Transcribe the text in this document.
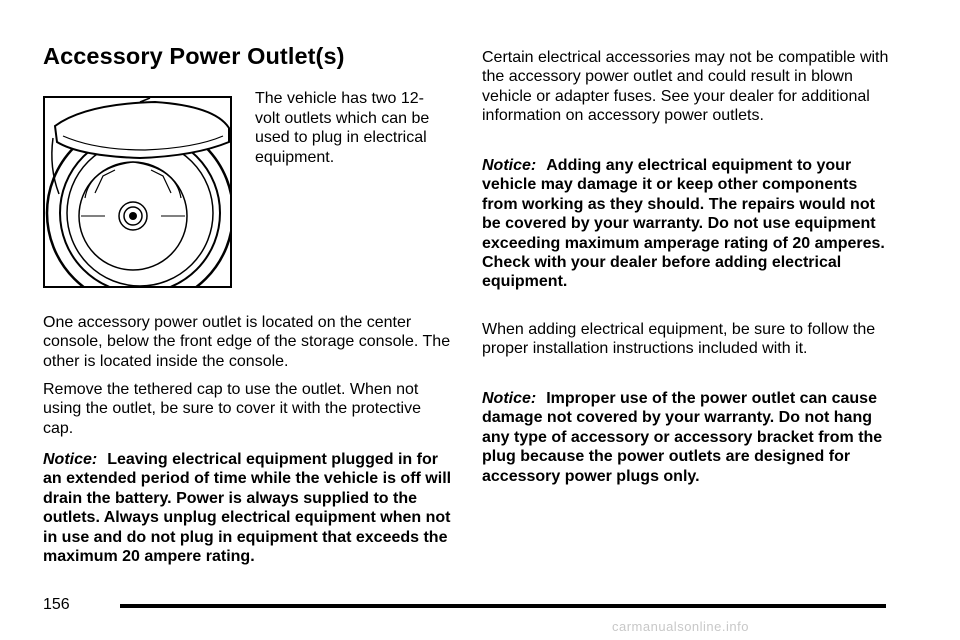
Accessory Power Outlet(s)
The vehicle has two 12-volt outlets which can be used to plug in electrical equipment.

One accessory power outlet is located on the center console, below the front edge of the storage console. The other is located inside the console.

Remove the tethered cap to use the outlet. When not using the outlet, be sure to cover it with the protective cap.

Notice: Leaving electrical equipment plugged in for an extended period of time while the vehicle is off will drain the battery. Power is always supplied to the outlets. Always unplug electrical equipment when not in use and do not plug in equipment that exceeds the maximum 20 ampere rating.

Certain electrical accessories may not be compatible with the accessory power outlet and could result in blown vehicle or adapter fuses. See your dealer for additional information on accessory power outlets.

Notice: Adding any electrical equipment to your vehicle may damage it or keep other components from working as they should. The repairs would not be covered by your warranty. Do not use equipment exceeding maximum amperage rating of 20 amperes. Check with your dealer before adding electrical equipment.

When adding electrical equipment, be sure to follow the proper installation instructions included with it.

Notice: Improper use of the power outlet can cause damage not covered by your warranty. Do not hang any type of accessory or accessory bracket from the plug because the power outlets are designed for accessory power plugs only.

156
carmanualsonline.info
